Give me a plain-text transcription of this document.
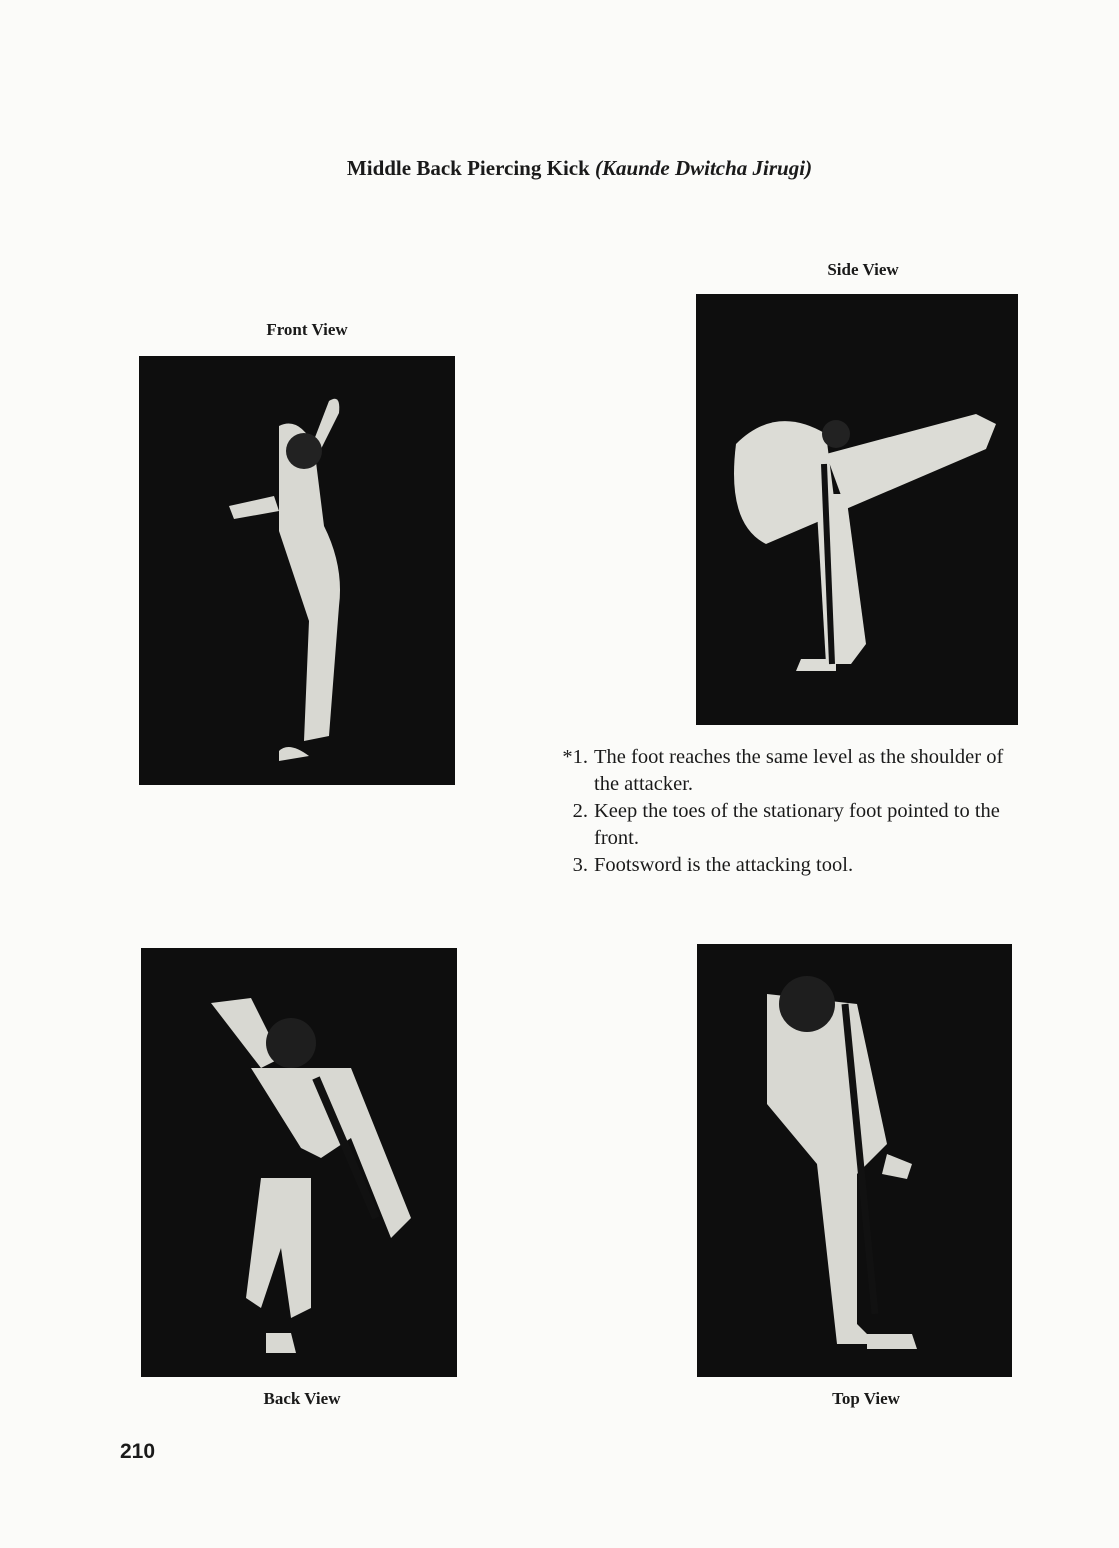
Middle Back Piercing Kick (Kaunde Dwitcha Jirugi)
Front View
Side View
*1. The foot reaches the same level as the shoulder of the attacker.
2. Keep the toes of the stationary foot pointed to the front.
3. Footsword is the attacking tool.
Back View	Top View
210
